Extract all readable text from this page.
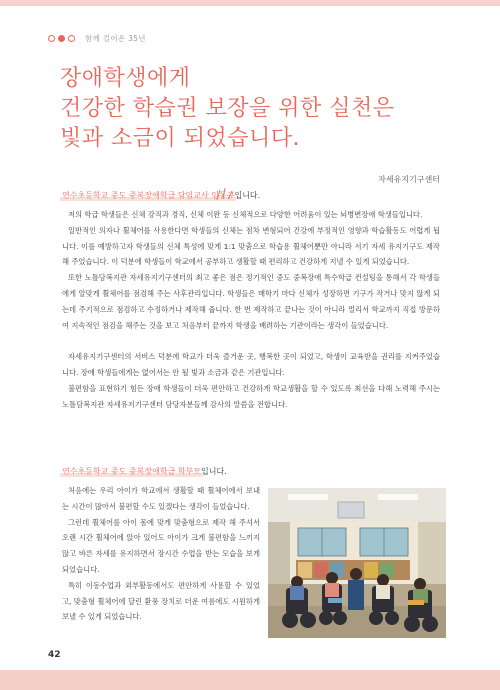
함께 걸어온 35년
장애학생에게
건강한 학습권 보장을 위한 실천은
빛과 소금이 되었습니다.

자세유지기구센터

연수초등학교 중도 중복장애학급 담임교사 임동규입니다.

저의 학급 학생들은 신체 강직과 경직, 신체 이완 등 신체적으로 다양한 어려움이 있는 뇌병변장애 학생들입니다.

일반적인 의자나 휠체어를 사용한다면 학생들의 신체는 점차 변형되어 건강에 부정적인 영향과 학습활동도 어렵게 됩니다. 이를 예방하고자 학생들의 신체 특성에 맞게 1:1 맞춤으로 학습용 휠체어뿐만 아니라 서기 자세 유지기구도 제작해 주었습니다. 이 덕분에 학생들이 학교에서 공부하고 생활할 때 편리하고 건강하게 지낼 수 있게 되었습니다.

또한 노틀담복지관 자세유지기구센터의 최고 좋은 점은 정기적인 중도 중복장애 특수학급 컨설팅을 통해서 각 학생들에게 알맞게 휠체어를 점검해 주는 사후관리입니다. 학생들은 매학기 마다 신체가 성장하면 기구가 작거나 맞지 않게 되는데 주기적으로 점검하고 수정하거나 제작해 줍니다. 한 번 제작하고 끝나는 것이 아니라 멀리서 학교까지 직접 방문하여 지속적인 점검을 해주는 것을 보고 처음부터 끝까지 학생을 배려하는 기관이라는 생각이 들었습니다.

자세유지기구센터의 서비스 덕분에 학교가 더욱 즐거운 곳, 행복한 곳이 되었고, 학생이 교육받을 권리를 지켜주었습니다. 장애 학생들에게는 없어서는 안 될 빛과 소금과 같은 기관입니다.

불편함을 표현하기 힘든 장애 학생들이 더욱 편안하고 건강하게 학교생활을 할 수 있도록 최선을 다해 노력해 주시는 노틀담복지관 자세유지기구센터 담당자분들께 감사의 말씀을 전합니다.

연수초등학교 중도 중복장애학급 학부모입니다.

처음에는 우리 아이가 학교에서 생활할 때 휠체어에서 보내는 시간이 많아서 불편할 수도 있겠다는 생각이 들었습니다.

그런데 휠체어를 아이 몸에 맞게 맞춤형으로 제작 해 주셔서 오랜 시간 휠체어에 앉아 있어도 아이가 크게 불편함을 느끼지 않고 바른 자세를 유지하면서 장시간 수업을 받는 모습을 보게 되었습니다.

특히 이동수업과 외부활동에서도 편안하게 사용할 수 있었고, 맞춤형 휠체어에 달린 환풍 장치로 더운 여름에도 시원하게 보낼 수 있게 되었습니다.

42
